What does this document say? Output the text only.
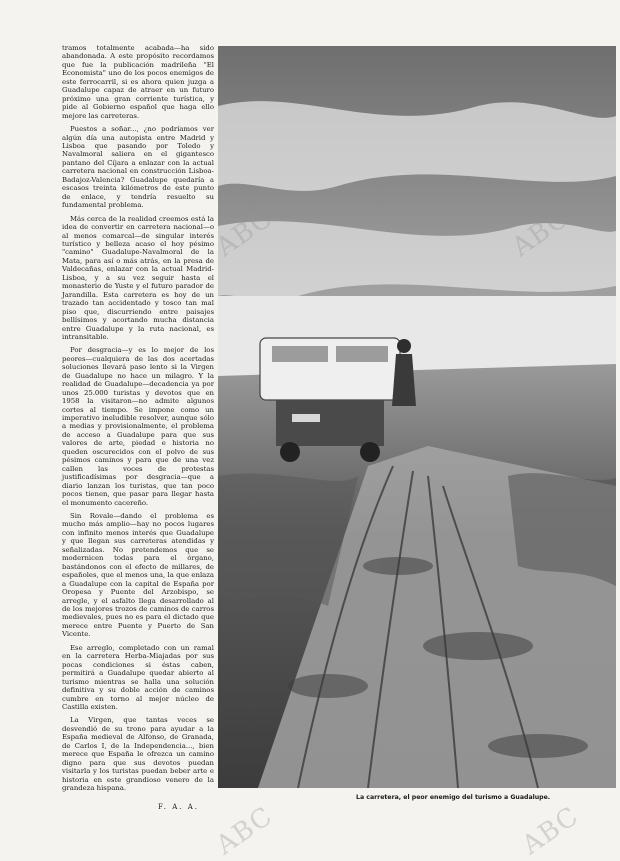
tramos totalmente acabada—ha sido abandonada. A este propósito recordamos que fue la publicación madrileña "El Economista" uno de los pocos enemigos de este ferrocarril, si es ahora quien juzga a Guadalupe capaz de atraer en un futuro próximo una gran corriente turística, y pide al Gobierno español que haga ello mejore las carreteras.

Puestos a soñar..., ¿no podríamos ver algún día una autopista entre Madrid y Lisboa que pasando por Toledo y Navalmoral saliera en el gigantesco pantano del Cíjara a enlazar con la actual carretera nacional en construcción Lisboa-Badajoz-Valencia? Guadalupe quedaría a escasos treinta kilómetros de este punto de enlace, y tendría resuelto su fundamental problema.

Más cerca de la realidad creemos está la idea de convertir en carretera nacional—o al menos comarcal—de singular interés turístico y belleza acaso el hoy pésimo "camino" Guadalupe-Navalmoral de la Mata, para así o más atrás, en la presa de Valdecañas, enlazar con la actual Madrid-Lisboa, y a su vez seguir hasta el monasterio de Yuste y el futuro parador de Jarandilla. Esta carretera es hoy de un trazado tan accidentado y tosco tan mal piso que, discurriendo entre paisajes bellísimos y acortando mucha distancia entre Guadalupe y la ruta nacional, es intransitable.

Por desgracia—y es lo mejor de los peores—cualquiera de las dos acertadas soluciones llevará paso lento si la Virgen de Guadalupe no hace un milagro. Y la realidad de Guadalupe—decadencia ya por unos 25.000 turistas y devotos que en 1958 la visitaron—no admite algunos cortes al tiempo. Se impone como un imperativo ineludible resolver, aunque sólo a medias y provisionalmente, el problema de acceso a Guadalupe para que sus valores de arte, piedad e historia no queden oscurecidos con el polvo de sus pésimos caminos y para que de una vez callen las voces de protestas justificadísimas por desgracia—que a diario lanzan los turistas, que tan poco pocos tienen, que pasar para llegar hasta el monumento cacereño.

Sin Rovale—dando el problema es mucho más amplio—hay no pocos lugares con infinito menos interés que Guadalupe y que llegan sus carreteras atendidas y señalizadas. No pretendemos que se modernicen todas para el órgano, bastándonos con el efecto de millares, de españoles, que el menos una, la que enlaza a Guadalupe con la capital de España por Oropesa y Puente del Arzobispo, se arregle, y el asfalto llega desarrollado al de los mejores trozos de caminos de carros medievales, pues no es para el dictado que merece entre Puente y Puerto de San Vicente.

Ese arreglo, completado con un ramal en la carretera Herba-Miajadas por sus pocas condiciones si éstas caben, permitirá a Guadalupe quedar abierto al turismo mientras se halla una solución definitiva y su doble acción de caminos cumbre en torno al mejor núcleo de Castilla existen.

La Virgen, que tantas veces se desvendió de su trono para ayudar a la España medieval de Alfonso, de Granada, de Carlos I, de la Independencia..., bien merece que España le ofrezca un camino digno para que sus devotos puedan visitarla y los turistas puedan beber arte e historia en este grandioso venero de la grandeza hispana.

F. A. A.
La carretera, el peor enemigo del turismo a Guadalupe.
ABC	ABC
ABC	ABC
